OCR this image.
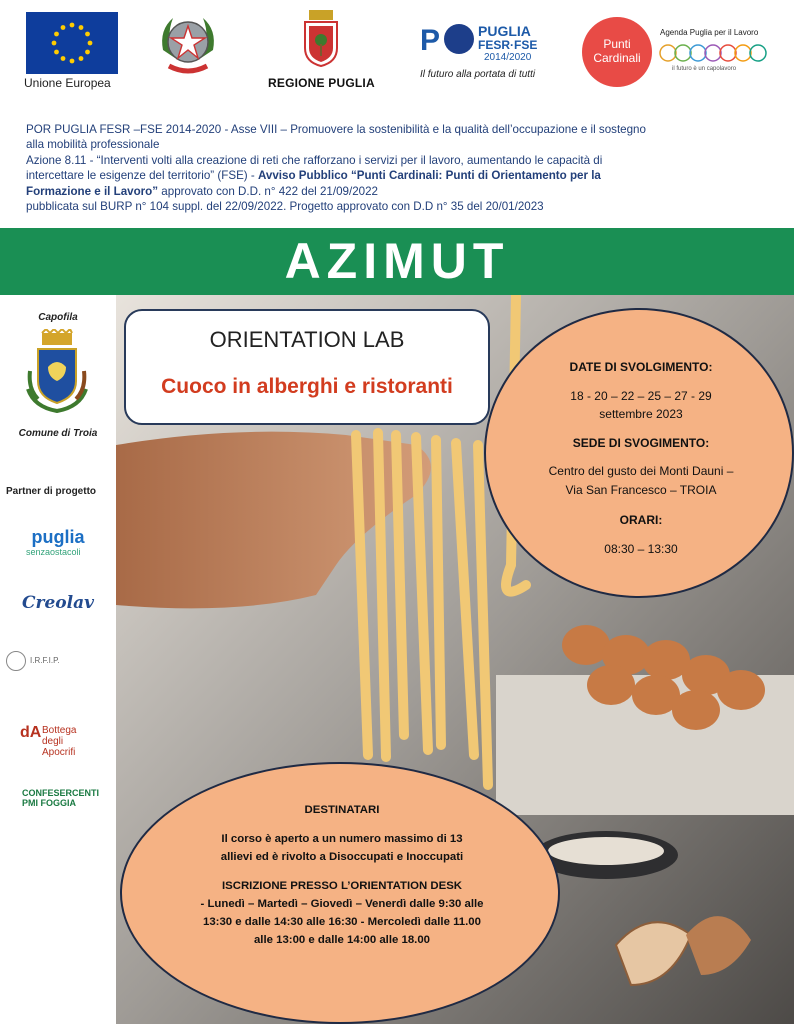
Unione Europea	REGIONE PUGLIA
P	PUGLIA
FESR·FSE
2014/2020
Il futuro alla portata di tutti
Punti Cardinali
Agenda Puglia per il Lavoro
il futuro è un capolavoro
POR PUGLIA FESR –FSE 2014-2020 - Asse VIII – Promuovere la sostenibilità e la qualità dell’occupazione e il sostegno
alla mobilità professionale
Azione 8.11 - “Interventi volti alla creazione di reti che rafforzano i servizi per il lavoro, aumentando le capacità di
intercettare le esigenze del territorio” (FSE) - Avviso Pubblico “Punti Cardinali: Punti di Orientamento per la
Formazione e il Lavoro” approvato con D.D. n° 422 del 21/09/2022
pubblicata sul BURP n° 104 suppl. del 22/09/2022. Progetto approvato con D.D n° 35 del 20/01/2023
AZIMUT
Capofila
Comune di Troia
Partner di progetto
puglia
senzaostacoli
Creolav
I.R.F.I.P.
dA Bottega
degli
Apocrifi
CONFESERCENTI PMI FOGGIA
ORIENTATION LAB
Cuoco in alberghi e ristoranti
DATE DI SVOLGIMENTO:
18 - 20 – 22 – 25 – 27 - 29
settembre 2023
SEDE DI SVOGIMENTO:
Centro del gusto dei Monti Dauni –
Via San Francesco – TROIA
ORARI:
08:30 – 13:30
DESTINATARI
Il corso è aperto a un numero massimo di 13
allievi ed è rivolto a Disoccupati e Inoccupati
ISCRIZIONE PRESSO L’ORIENTATION DESK
- Lunedì – Martedì – Giovedì – Venerdì dalle 9:30 alle
13:30 e dalle 14:30 alle 16:30 - Mercoledì dalle 11.00
alle 13:00 e dalle 14:00 alle 18.00
